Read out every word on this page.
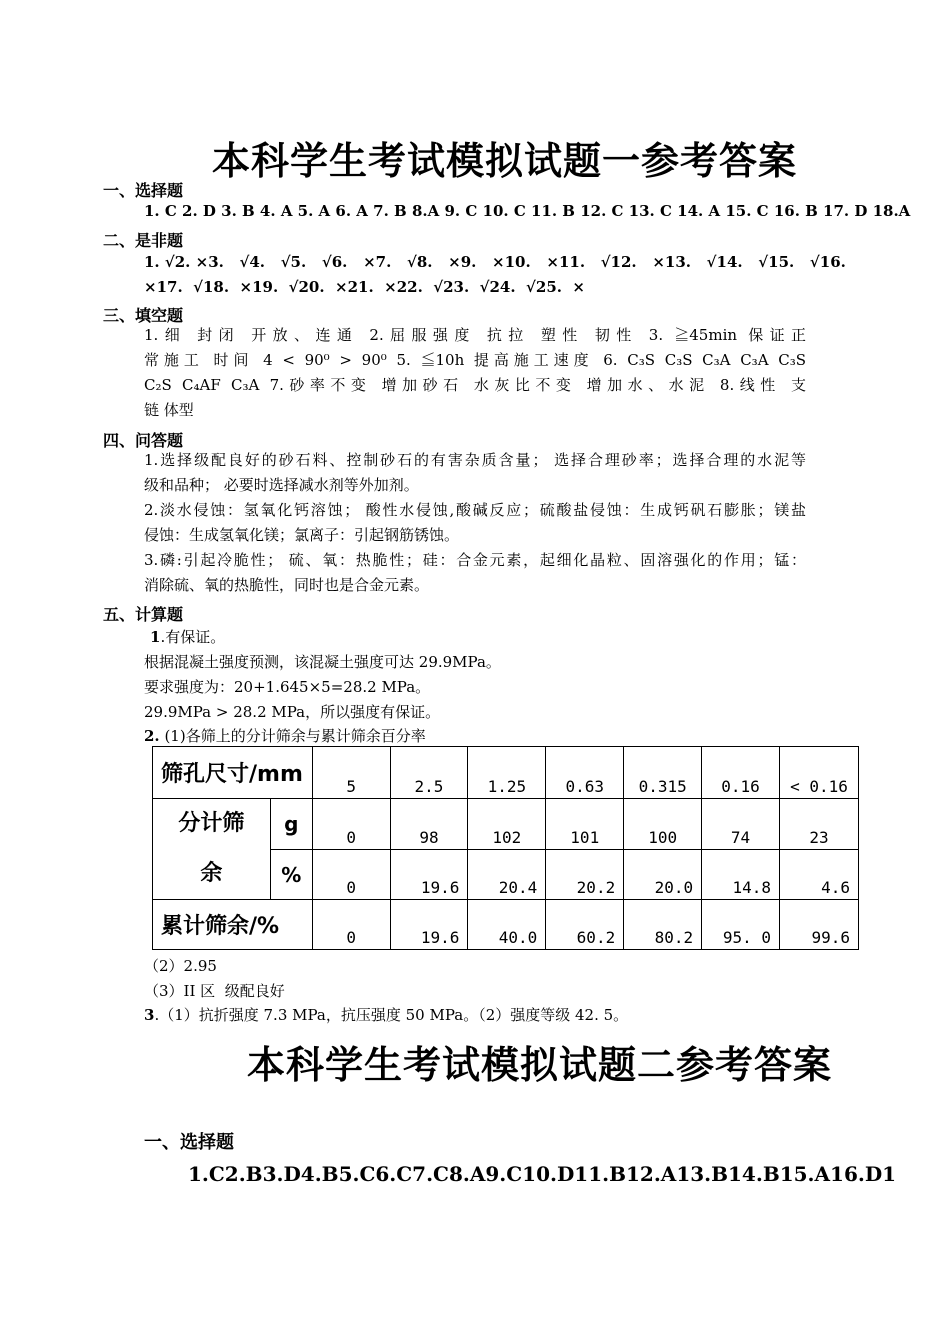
本科学生考试模拟试题一参考答案
一、选择题
1. C 2. D 3. B 4. A 5. A 6. A 7. B 8.A 9. C 10. C 11. B 12. C 13. C 14. A 15. C 16. B 17. D 18.A
二、是非题
1. √2. ×3.   √4.   √5.   √6.   ×7.   √8.   ×9.   ×10.   ×11.   √12.   ×13.   √14.   √15.   √16.
×17.  √18.  ×19.  √20.  ×21.  ×22.  √23.  √24.  √25.  ×
三、填空题
1.细 封闭 开放、连通 2.屈服强度 抗拉 塑性 韧性 3. ≧45min 保证正
常施工 时间 4 < 90⁰ > 90⁰ 5. ≦10h 提高施工速度 6. C₃S C₃S C₃A C₃A C₃S
C₂S C₄AF C₃A 7.砂率不变 增加砂石 水灰比不变 增加水、水泥 8.线性 支
链 体型
四、问答题
1.选择级配良好的砂石料、控制砂石的有害杂质含量； 选择合理砂率；选择合理的水泥等
级和品种； 必要时选择减水剂等外加剂。
2.淡水侵蚀：氢氧化钙溶蚀； 酸性水侵蚀,酸碱反应；硫酸盐侵蚀：生成钙矾石膨胀；镁盐
侵蚀：生成氢氧化镁；氯离子：引起钢筋锈蚀。
3.磷:引起冷脆性； 硫、氧：热脆性；硅：合金元素，起细化晶粒、固溶强化的作用；锰：
消除硫、氧的热脆性，同时也是合金元素。
五、计算题
1.有保证。
根据混凝土强度预测，该混凝土强度可达 29.9MPa。
要求强度为：20+1.645×5=28.2 MPa。
29.9MPa > 28.2 MPa，所以强度有保证。
2. (1)各筛上的分计筛余与累计筛余百分率
筛孔尺寸/mm		5	2.5	1.25	0.63	0.315	0.16	< 0.16

分计筛
余	g	0	98	102	101	100	74	23
	%	0	19.6	20.4	20.2	20.0	14.8	4.6
累计筛余/%		0	19.6	40.0	60.2	80.2	95. 0	99.6
（2）2.95
（3）II 区  级配良好
3.（1）抗折强度 7.3 MPa，抗压强度 50 MPa。（2）强度等级 42. 5。
本科学生考试模拟试题二参考答案
一、选择题
1.C2.B3.D4.B5.C6.C7.C8.A9.C10.D11.B12.A13.B14.B15.A16.D1
